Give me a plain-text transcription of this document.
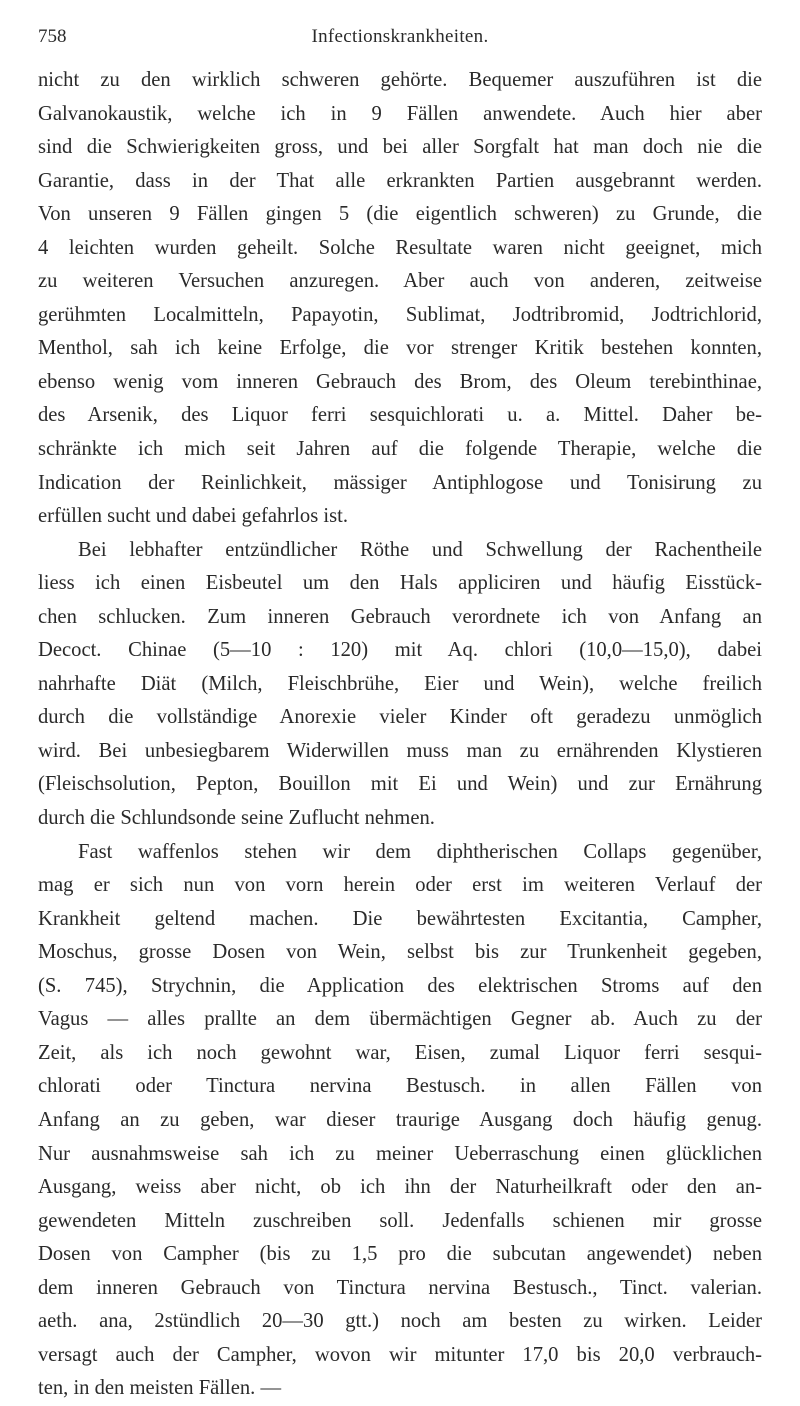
758	Infectionskrankheiten.
nicht zu den wirklich schweren gehörte. Bequemer auszuführen ist die
Galvanokaustik, welche ich in 9 Fällen anwendete. Auch hier aber
sind die Schwierigkeiten gross, und bei aller Sorgfalt hat man doch nie die
Garantie, dass in der That alle erkrankten Partien ausgebrannt werden.
Von unseren 9 Fällen gingen 5 (die eigentlich schweren) zu Grunde, die
4 leichten wurden geheilt. Solche Resultate waren nicht geeignet, mich
zu weiteren Versuchen anzuregen. Aber auch von anderen, zeitweise
gerühmten Localmitteln, Papayotin, Sublimat, Jodtribromid, Jodtrichlorid,
Menthol, sah ich keine Erfolge, die vor strenger Kritik bestehen konnten,
ebenso wenig vom inneren Gebrauch des Brom, des Oleum terebinthinae,
des Arsenik, des Liquor ferri sesquichlorati u. a. Mittel. Daher be-
schränkte ich mich seit Jahren auf die folgende Therapie, welche die
Indication der Reinlichkeit, mässiger Antiphlogose und Tonisirung zu
erfüllen sucht und dabei gefahrlos ist.
Bei lebhafter entzündlicher Röthe und Schwellung der Rachentheile
liess ich einen Eisbeutel um den Hals appliciren und häufig Eisstück-
chen schlucken. Zum inneren Gebrauch verordnete ich von Anfang an
Decoct. Chinae (5—10 : 120) mit Aq. chlori (10,0—15,0), dabei
nahrhafte Diät (Milch, Fleischbrühe, Eier und Wein), welche freilich
durch die vollständige Anorexie vieler Kinder oft geradezu unmöglich
wird. Bei unbesiegbarem Widerwillen muss man zu ernährenden Klystieren
(Fleischsolution, Pepton, Bouillon mit Ei und Wein) und zur Ernährung
durch die Schlundsonde seine Zuflucht nehmen.
Fast waffenlos stehen wir dem diphtherischen Collaps gegenüber,
mag er sich nun von vorn herein oder erst im weiteren Verlauf der
Krankheit geltend machen. Die bewährtesten Excitantia, Campher,
Moschus, grosse Dosen von Wein, selbst bis zur Trunkenheit gegeben,
(S. 745), Strychnin, die Application des elektrischen Stroms auf den
Vagus — alles prallte an dem übermächtigen Gegner ab. Auch zu der
Zeit, als ich noch gewohnt war, Eisen, zumal Liquor ferri sesqui-
chlorati oder Tinctura nervina Bestusch. in allen Fällen von
Anfang an zu geben, war dieser traurige Ausgang doch häufig genug.
Nur ausnahmsweise sah ich zu meiner Ueberraschung einen glücklichen
Ausgang, weiss aber nicht, ob ich ihn der Naturheilkraft oder den an-
gewendeten Mitteln zuschreiben soll. Jedenfalls schienen mir grosse
Dosen von Campher (bis zu 1,5 pro die subcutan angewendet) neben
dem inneren Gebrauch von Tinctura nervina Bestusch., Tinct. valerian.
aeth. ana, 2stündlich 20—30 gtt.) noch am besten zu wirken. Leider
versagt auch der Campher, wovon wir mitunter 17,0 bis 20,0 verbrauch-
ten, in den meisten Fällen. —
